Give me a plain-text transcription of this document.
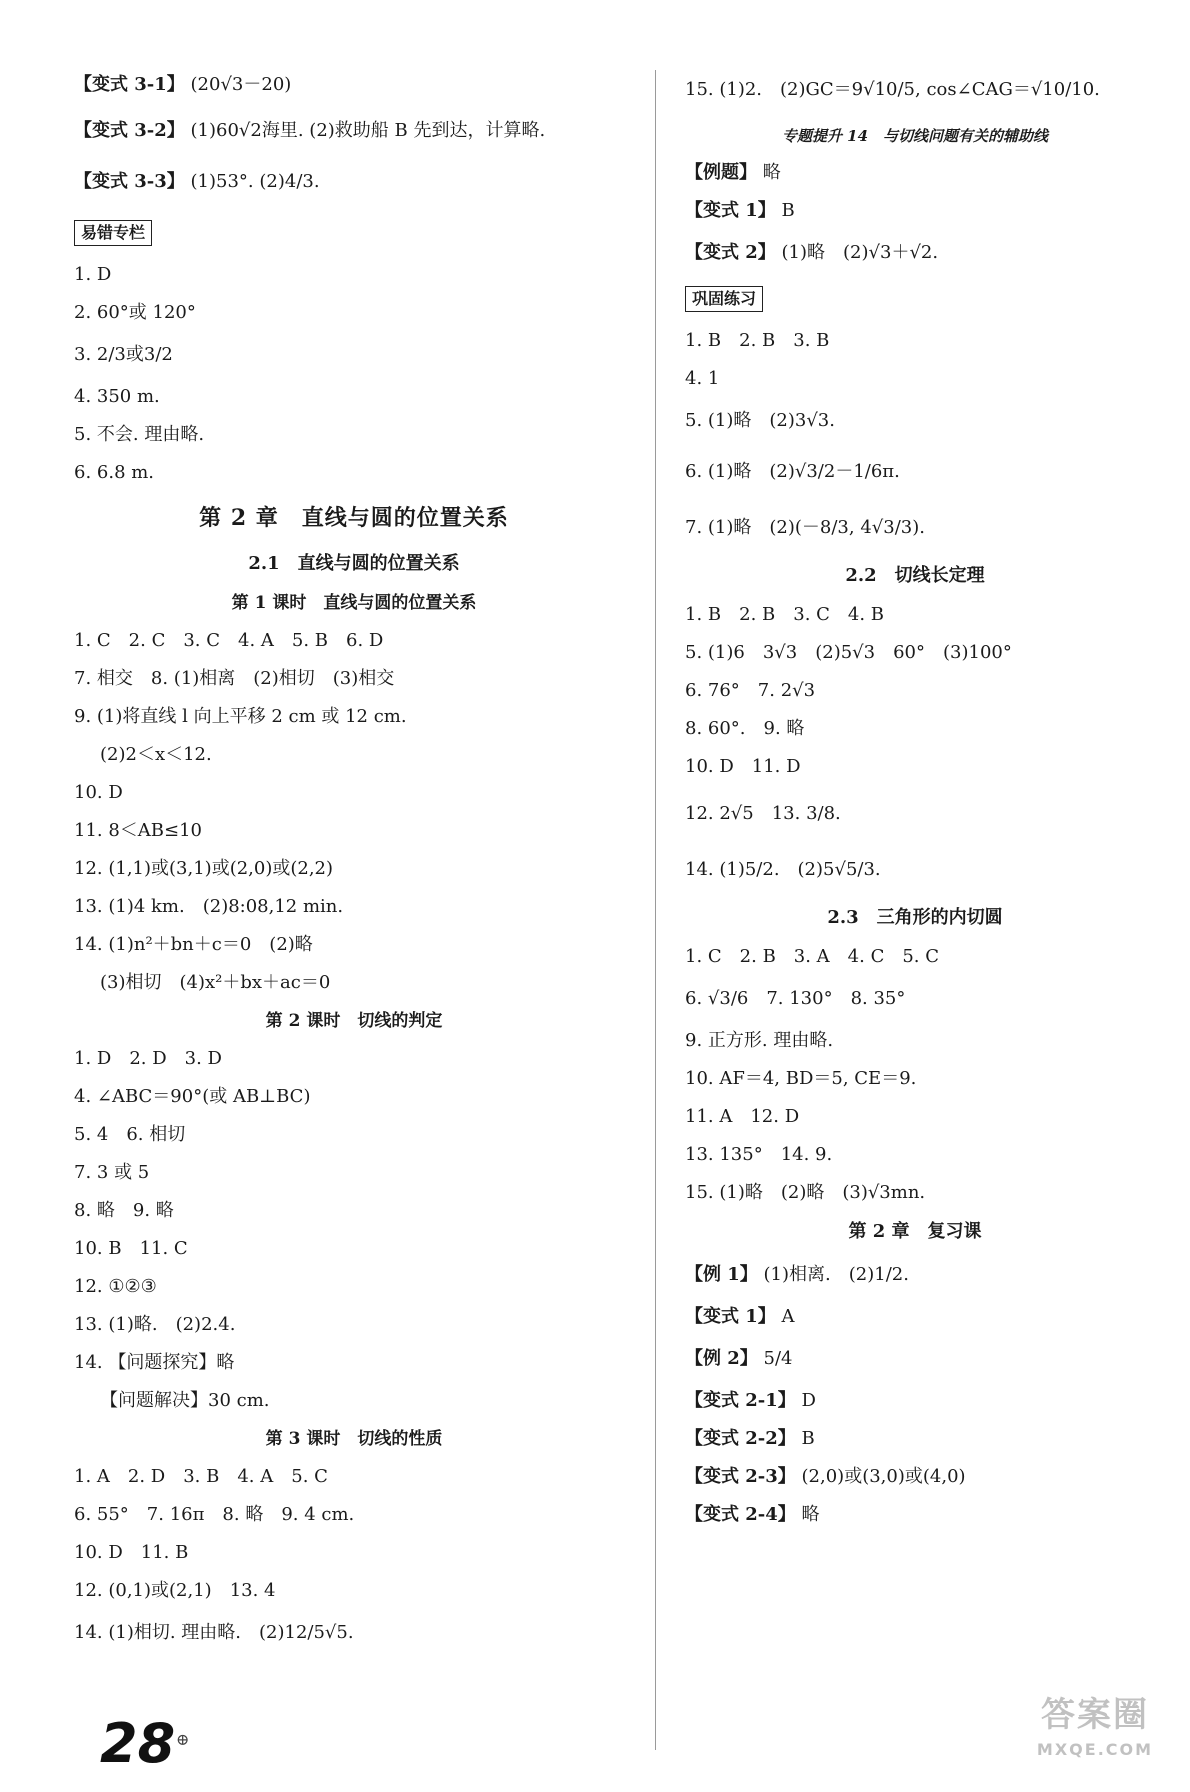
【变式 3-1】 (20√3－20)
【变式 3-2】 (1)60√2海里. (2)救助船 B 先到达，计算略.
【变式 3-3】 (1)53°. (2)4/3.
易错专栏
1. D
2. 60°或 120°
3. 2/3或3/2
4. 350 m.
5. 不会. 理由略.
6. 6.8 m.
第 2 章　直线与圆的位置关系
2.1　直线与圆的位置关系
第 1 课时　直线与圆的位置关系
1. C　2. C　3. C　4. A　5. B　6. D
7. 相交　8. (1)相离　(2)相切　(3)相交
9. (1)将直线 l 向上平移 2 cm 或 12 cm.
(2)2＜x＜12.
10. D
11. 8＜AB≤10
12. (1,1)或(3,1)或(2,0)或(2,2)
13. (1)4 km.　(2)8:08,12 min.
14. (1)n²＋bn＋c＝0　(2)略
(3)相切　(4)x²＋bx＋ac＝0
第 2 课时　切线的判定
1. D　2. D　3. D
4. ∠ABC＝90°(或 AB⊥BC)
5. 4　6. 相切
7. 3 或 5
8. 略　9. 略
10. B　11. C
12. ①②③
13. (1)略.　(2)2.4.
14. 【问题探究】略
【问题解决】30 cm.
第 3 课时　切线的性质
1. A　2. D　3. B　4. A　5. C
6. 55°　7. 16π　8. 略　9. 4 cm.
10. D　11. B
12. (0,1)或(2,1)　13. 4
14. (1)相切. 理由略.　(2)12/5√5.
15. (1)2.　(2)GC＝9√10/5, cos∠CAG＝√10/10.
专题提升 14　与切线问题有关的辅助线
【例题】 略
【变式 1】 B
【变式 2】 (1)略　(2)√3＋√2.
巩固练习
1. B　2. B　3. B
4. 1
5. (1)略　(2)3√3.
6. (1)略　(2)√3/2－1/6π.
7. (1)略　(2)(－8/3, 4√3/3).
2.2　切线长定理
1. B　2. B　3. C　4. B
5. (1)6　3√3　(2)5√3　60°　(3)100°
6. 76°　7. 2√3
8. 60°.　9. 略
10. D　11. D
12. 2√5　13. 3/8.
14. (1)5/2.　(2)5√5/3.
2.3　三角形的内切圆
1. C　2. B　3. A　4. C　5. C
6. √3/6　7. 130°　8. 35°
9. 正方形. 理由略.
10. AF＝4, BD＝5, CE＝9.
11. A　12. D
13. 135°　14. 9.
15. (1)略　(2)略　(3)√3mn.
第 2 章　复习课
【例 1】 (1)相离.　(2)1/2.
【变式 1】 A
【例 2】 5/4
【变式 2-1】 D
【变式 2-2】 B
【变式 2-3】 (2,0)或(3,0)或(4,0)
【变式 2-4】 略
28 ⊕
答案圈
MXQE.COM
